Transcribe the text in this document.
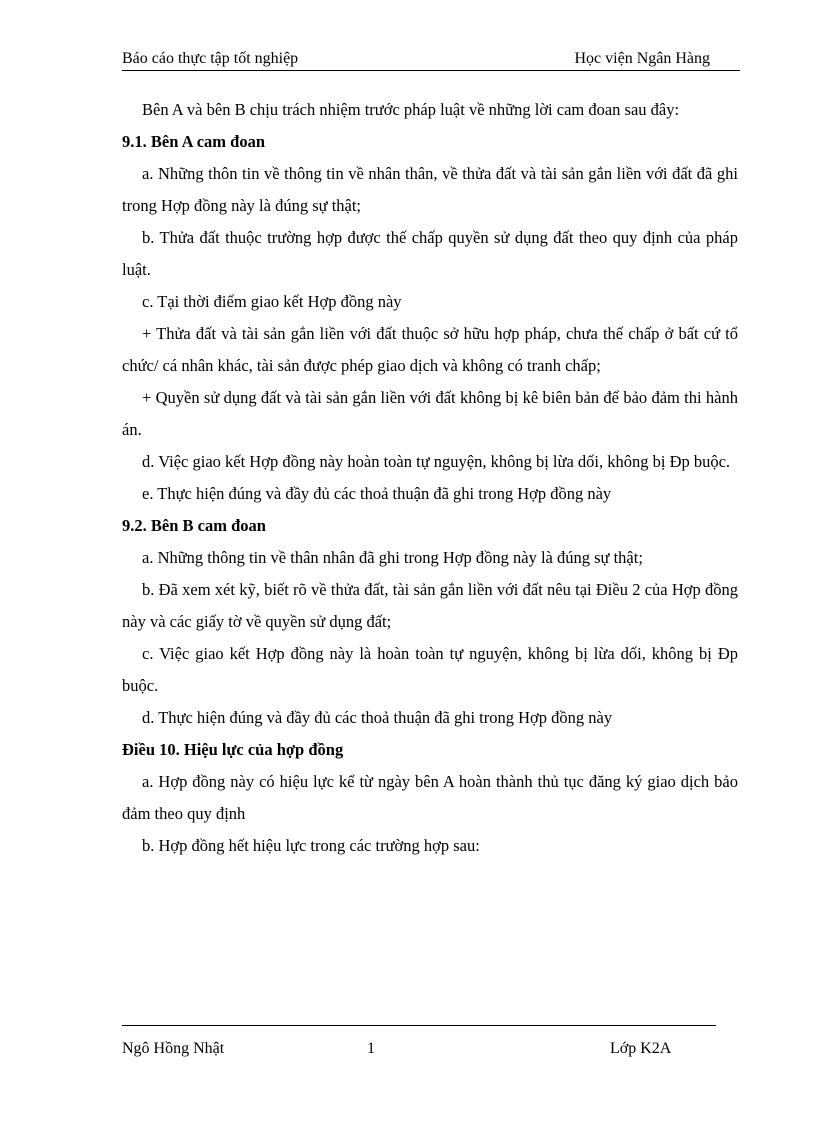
Báo cáo thực tập tốt nghiệp	Học viện Ngân Hàng

Bên A và bên B chịu trách nhiệm trước pháp luật về những lời cam đoan sau đây:

9.1. Bên A cam đoan

a. Những thôn tin về thông tin về nhân thân, về thửa đất và tài sản gắn liền với đất đã ghi trong Hợp đồng này là đúng sự thật;

b. Thửa đất thuộc trường hợp được thế chấp quyền sử dụng đất theo quy định của pháp luật.

c. Tại thời điểm giao kết Hợp đồng này

+ Thửa đất và tài sản gắn liền với đất thuộc sở hữu hợp pháp, chưa thế chấp ở bất cứ tổ chức/ cá nhân khác, tài sản được phép giao dịch và không có tranh chấp;

+ Quyền sử dụng đất và tài sản gắn liền với đất không bị kê biên bản để bảo đảm thi hành án.

d. Việc giao kết Hợp đồng này hoàn toàn tự nguyện, không bị lừa dối, không bị Đp buộc.

e. Thực hiện đúng và đầy đủ các thoả thuận đã ghi trong Hợp đồng này

9.2. Bên B cam đoan

a. Những thông tin về thân nhân đã ghi trong Hợp đồng này là đúng sự thật;

b. Đã xem xét kỹ, biết rõ về thửa đất, tài sản gắn liền với đất nêu tại Điều 2 của Hợp đồng này và các giấy tờ về quyền sử dụng đất;

c. Việc giao kết Hợp đồng này là hoàn toàn tự nguyện, không bị lừa dối, không bị Đp buộc.

d. Thực hiện đúng và đầy đủ các thoả thuận đã ghi trong Hợp đồng này

Điều 10. Hiệu lực của hợp đồng

a. Hợp đồng này có hiệu lực kể từ ngày bên A hoàn thành thủ tục đăng ký giao dịch bảo đảm theo quy định

b. Hợp đồng hết hiệu lực trong các trường hợp sau:

Ngô Hồng Nhật	1	Lớp K2A
